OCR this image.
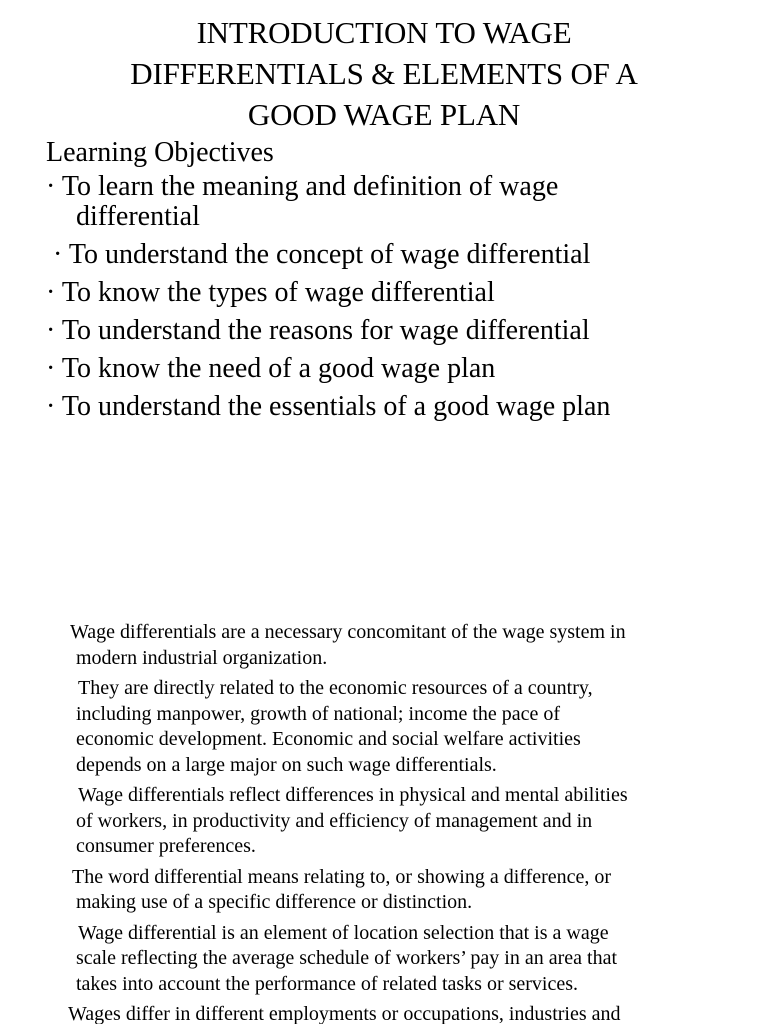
INTRODUCTION TO WAGE
DIFFERENTIALS & ELEMENTS OF A
GOOD WAGE PLAN
Learning Objectives
· To learn the meaning and definition of wage
differential
· To understand the concept of wage differential
· To know the types of wage differential
· To understand the reasons for wage differential
· To know the need of a good wage plan
· To understand the essentials of a good wage plan

Wage differentials are a necessary concomitant of the wage system in
modern industrial organization.

They are directly related to the economic resources of a country,
including manpower, growth of national; income the pace of
economic development. Economic and social welfare activities
depends on a large major on such wage differentials.

Wage differentials reflect differences in physical and mental abilities
of workers, in productivity and efficiency of management and in
consumer preferences.

The word differential means relating to, or showing a difference, or
making use of a specific difference or distinction.

Wage differential is an element of location selection that is a wage
scale reflecting the average schedule of workers’ pay in an area that
takes into account the performance of related tasks or services.

Wages differ in different employments or occupations, industries and
